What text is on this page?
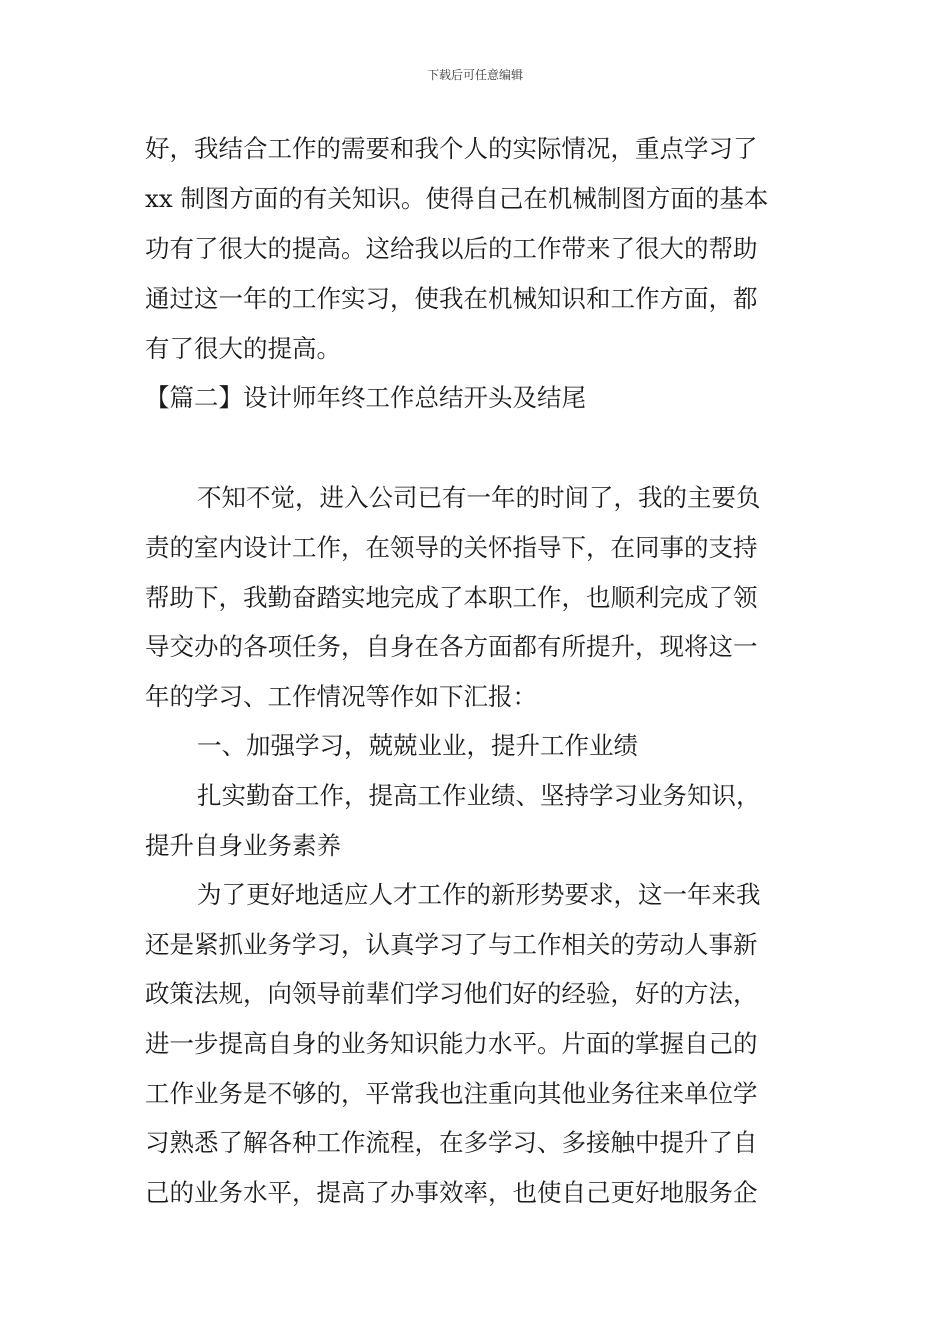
下载后可任意编辑
好，我结合工作的需要和我个人的实际情况，重点学习了
xx 制图方面的有关知识。使得自己在机械制图方面的基本
功有了很大的提高。这给我以后的工作带来了很大的帮助
通过这一年的工作实习，使我在机械知识和工作方面，都
有了很大的提高。
【篇二】设计师年终工作总结开头及结尾
不知不觉，进入公司已有一年的时间了，我的主要负
责的室内设计工作，在领导的关怀指导下，在同事的支持
帮助下，我勤奋踏实地完成了本职工作，也顺利完成了领
导交办的各项任务，自身在各方面都有所提升，现将这一
年的学习、工作情况等作如下汇报：
一、加强学习，兢兢业业，提升工作业绩
扎实勤奋工作，提高工作业绩、坚持学习业务知识，
提升自身业务素养
为了更好地适应人才工作的新形势要求，这一年来我
还是紧抓业务学习，认真学习了与工作相关的劳动人事新
政策法规，向领导前辈们学习他们好的经验，好的方法，
进一步提高自身的业务知识能力水平。片面的掌握自己的
工作业务是不够的，平常我也注重向其他业务往来单位学
习熟悉了解各种工作流程，在多学习、多接触中提升了自
己的业务水平，提高了办事效率，也使自己更好地服务企
